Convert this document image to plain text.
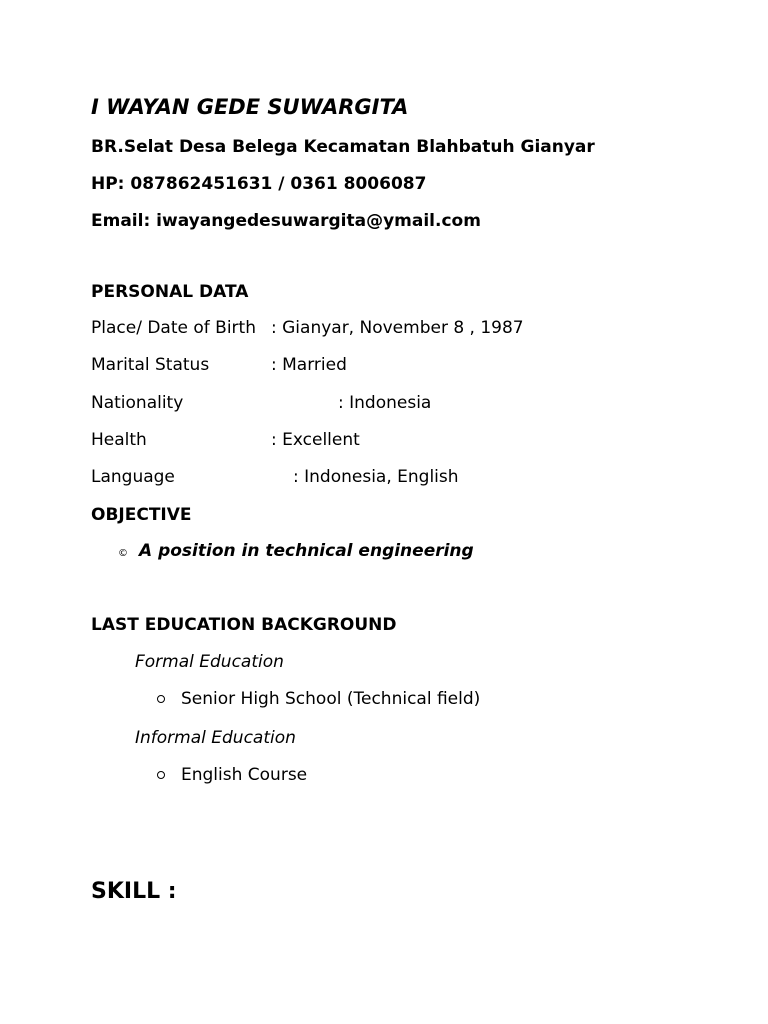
I WAYAN GEDE SUWARGITA
BR.Selat Desa Belega Kecamatan Blahbatuh Gianyar
HP: 087862451631 / 0361 8006087
Email: iwayangedesuwargita@ymail.com
PERSONAL DATA
Place/ Date of Birth : Gianyar, November 8 , 1987
Marital Status	: Married
Nationality	: Indonesia
Health	: Excellent
Language	: Indonesia, English
OBJECTIVE
© A position in technical engineering
LAST EDUCATION BACKGROUND
Formal Education
Senior High School (Technical field)
Informal Education
English Course
SKILL :
